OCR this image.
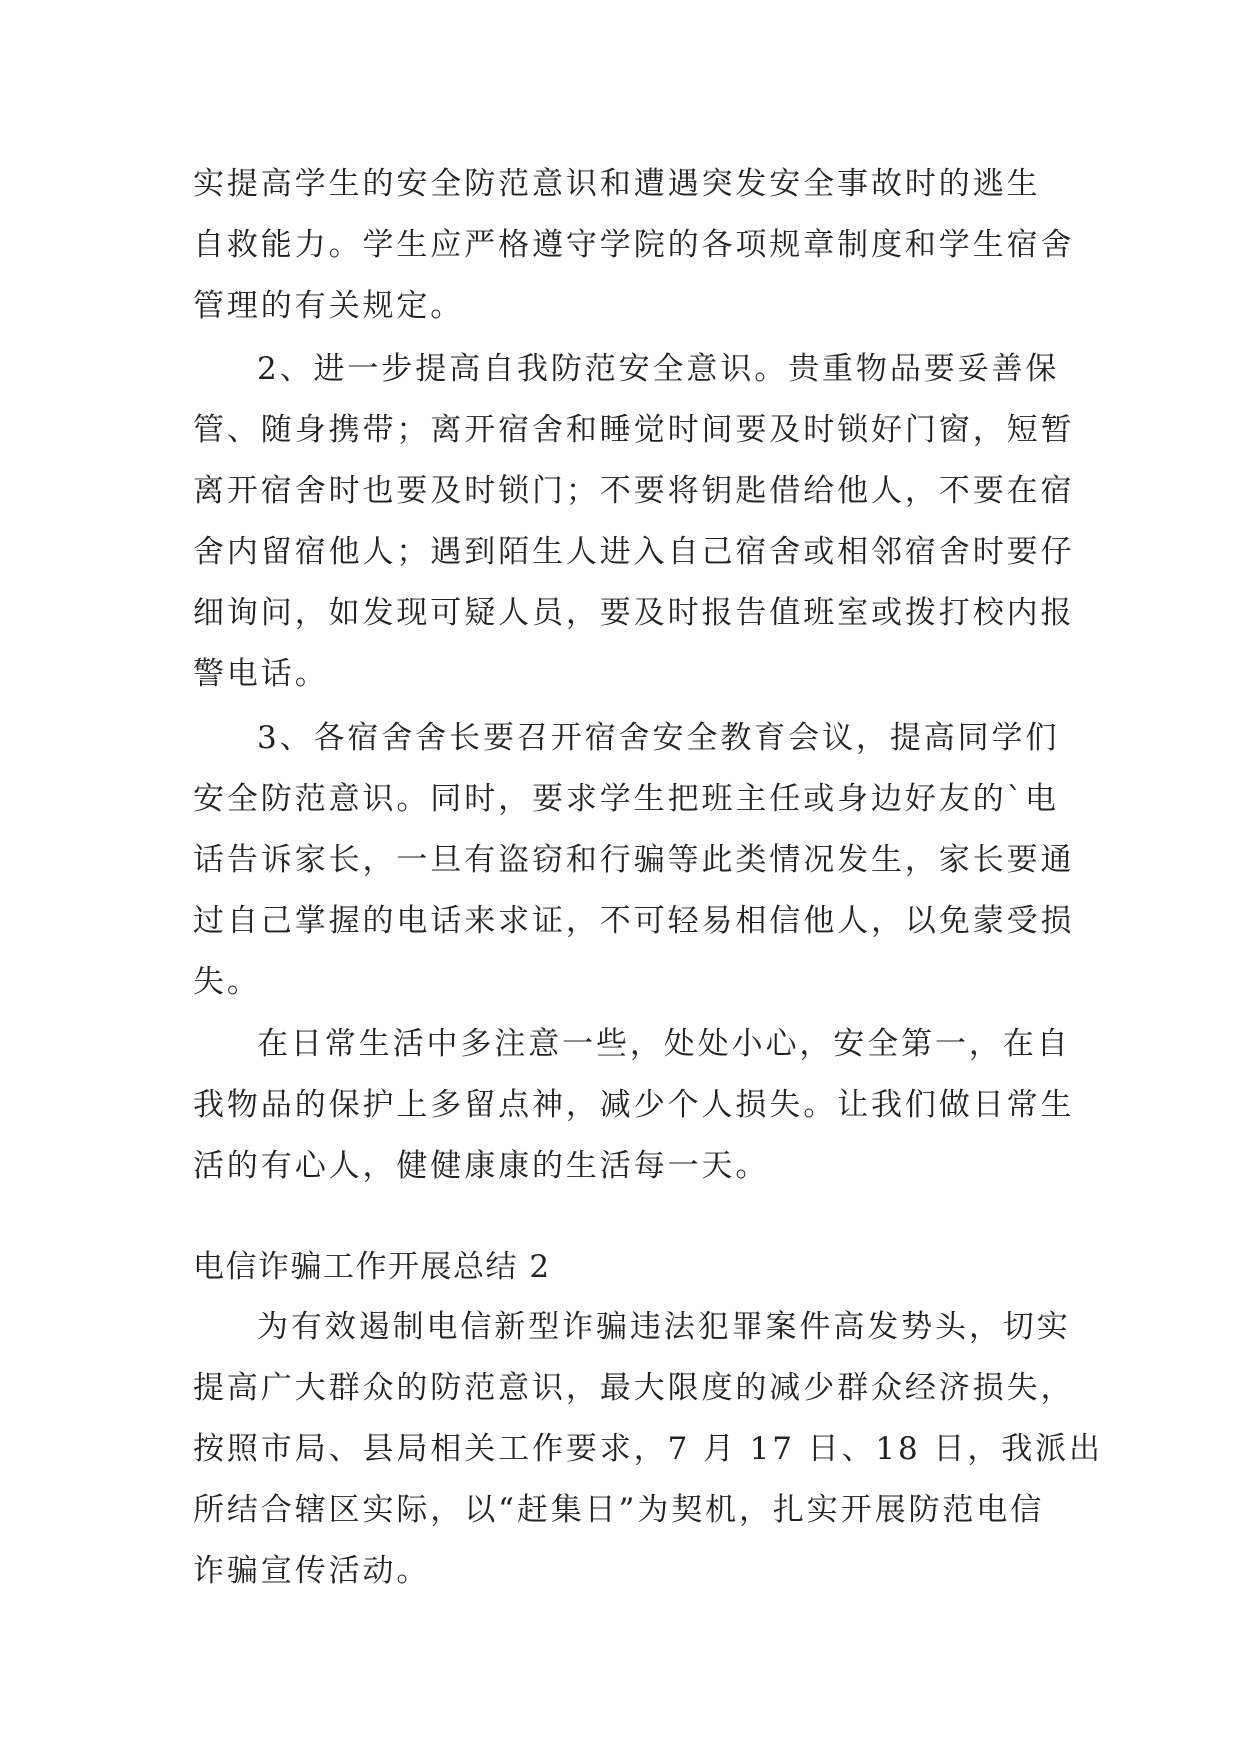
实提高学生的安全防范意识和遭遇突发安全事故时的逃生
自救能力。学生应严格遵守学院的各项规章制度和学生宿舍
管理的有关规定。
2、进一步提高自我防范安全意识。贵重物品要妥善保
管、随身携带；离开宿舍和睡觉时间要及时锁好门窗，短暂
离开宿舍时也要及时锁门；不要将钥匙借给他人，不要在宿
舍内留宿他人；遇到陌生人进入自己宿舍或相邻宿舍时要仔
细询问，如发现可疑人员，要及时报告值班室或拨打校内报
警电话。
3、各宿舍舍长要召开宿舍安全教育会议，提高同学们
安全防范意识。同时，要求学生把班主任或身边好友的`电
话告诉家长，一旦有盗窃和行骗等此类情况发生，家长要通
过自己掌握的电话来求证，不可轻易相信他人，以免蒙受损
失。
在日常生活中多注意一些，处处小心，安全第一，在自
我物品的保护上多留点神，减少个人损失。让我们做日常生
活的有心人，健健康康的生活每一天。
电信诈骗工作开展总结 2
为有效遏制电信新型诈骗违法犯罪案件高发势头，切实
提高广大群众的防范意识，最大限度的减少群众经济损失，
按照市局、县局相关工作要求，7 月 17 日、18 日，我派出
所结合辖区实际，以“赶集日”为契机，扎实开展防范电信
诈骗宣传活动。
